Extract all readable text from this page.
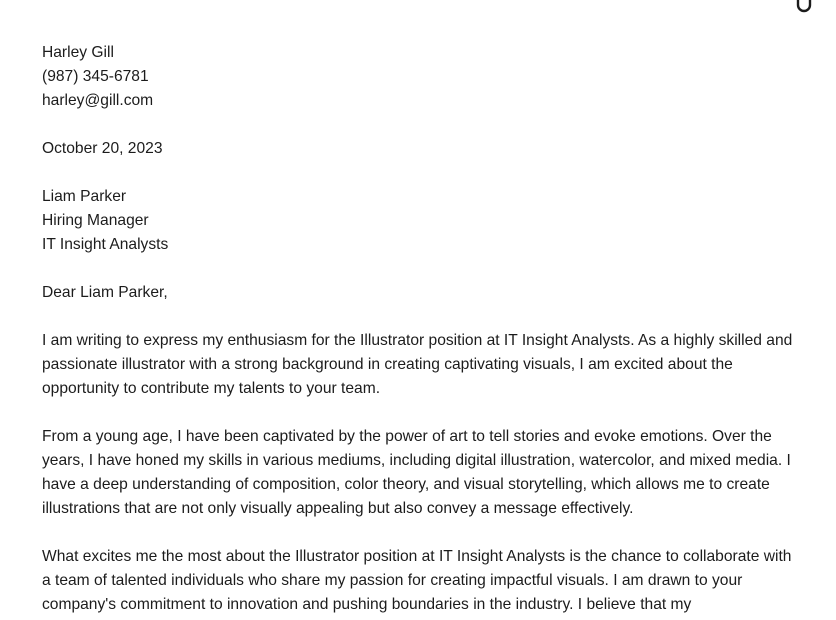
Harley Gill
(987) 345-6781
harley@gill.com
October 20, 2023
Liam Parker
Hiring Manager
IT Insight Analysts
Dear Liam Parker,

I am writing to express my enthusiasm for the Illustrator position at IT Insight Analysts. As a highly skilled and passionate illustrator with a strong background in creating captivating visuals, I am excited about the opportunity to contribute my talents to your team.

From a young age, I have been captivated by the power of art to tell stories and evoke emotions. Over the years, I have honed my skills in various mediums, including digital illustration, watercolor, and mixed media. I have a deep understanding of composition, color theory, and visual storytelling, which allows me to create illustrations that are not only visually appealing but also convey a message effectively.

What excites me the most about the Illustrator position at IT Insight Analysts is the chance to collaborate with a team of talented individuals who share my passion for creating impactful visuals. I am drawn to your company's commitment to innovation and pushing boundaries in the industry. I believe that my
